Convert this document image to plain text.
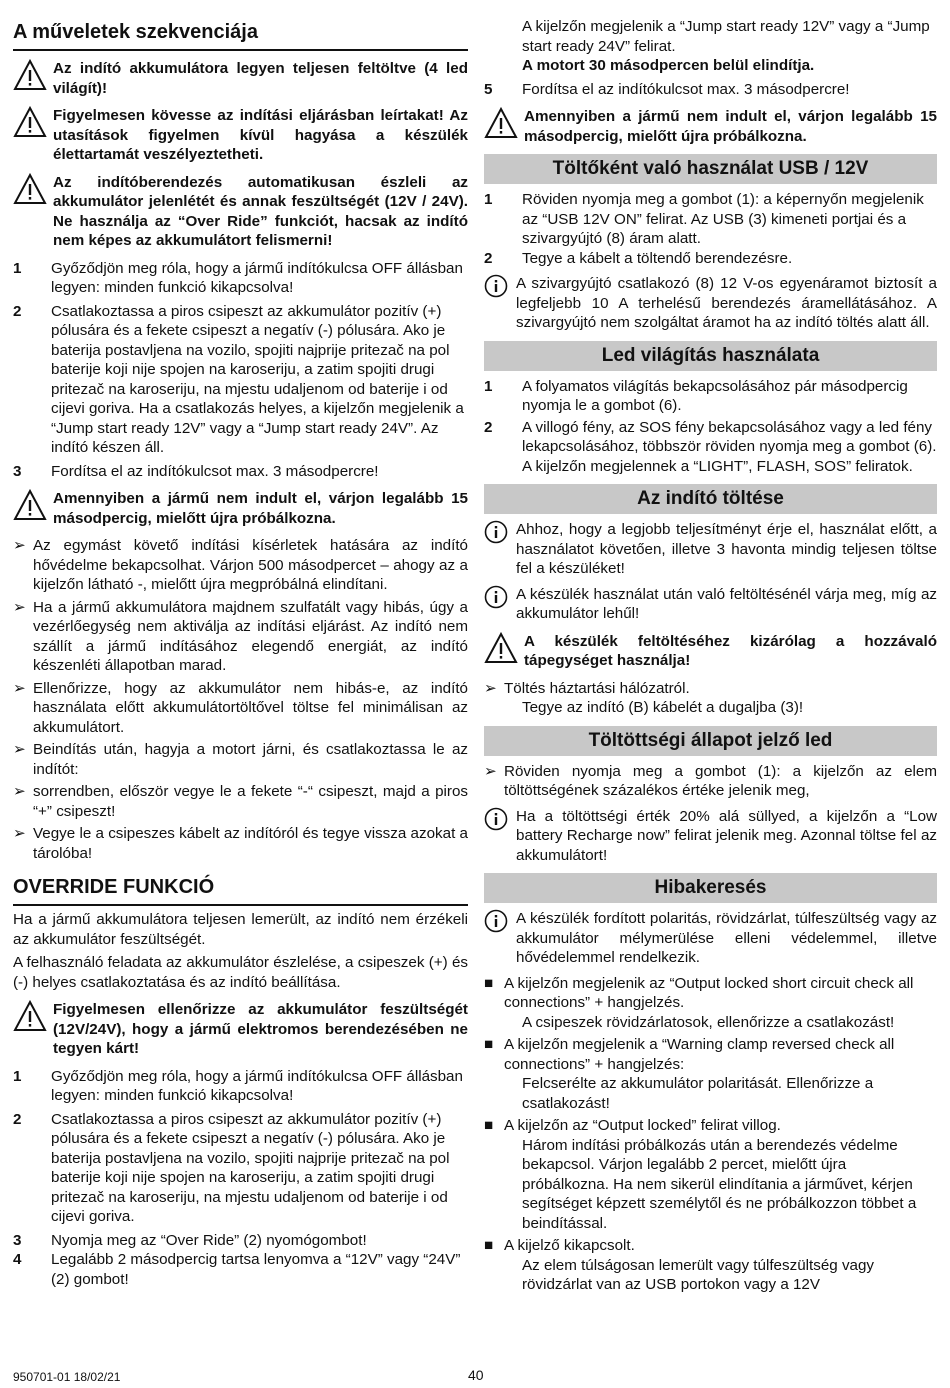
A műveletek szekvenciája
Az indító akkumulátora legyen teljesen feltöltve (4 led világít)!
Figyelmesen kövesse az indítási eljárásban leírtakat! Az utasítások figyelmen kívül hagyása a készülék élettartamát veszélyeztetheti.
Az indítóberendezés automatikusan észleli az akkumulátor jelenlétét és annak feszültségét (12V / 24V). Ne használja az “Over Ride” funkciót, hacsak az indító nem képes az akkumulátort felismerni!
1	Győződjön meg róla, hogy a jármű indítókulcsa OFF állásban legyen: minden funkció kikapcsolva!
2	Csatlakoztassa a piros csipeszt az akkumulátor pozitív (+) pólusára és a fekete csipeszt a negatív (-) pólusára. Ako je baterija postavljena na vozilo, spojiti najprije pritezač na pol baterije koji nije spojen na karoseriju, a zatim spojiti drugi pritezač na karoseriju, na mjestu udaljenom od baterije i od cijevi goriva. Ha a csatlakozás helyes, a kijelzőn megjelenik a “Jump start ready 12V” vagy a “Jump start ready 24V”. Az indító készen áll.
3	Fordítsa el az indítókulcsot max. 3 másodpercre!
Amennyiben a jármű nem indult el, várjon legalább 15 másodpercig, mielőtt újra próbálkozna.
➢ Az egymást követő indítási kísérletek hatására az indító hővédelme bekapcsolhat. Várjon 500 másodpercet – ahogy az a kijelzőn látható -, mielőtt újra megpróbálná elindítani.
➢ Ha a jármű akkumulátora majdnem szulfatált vagy hibás, úgy a vezérlőegység nem aktiválja az indítási eljárást. Az indító nem szállít a jármű indításához elegendő energiát, az indító készenléti állapotban marad.
➢ Ellenőrizze, hogy az akkumulátor nem hibás-e, az indító használata előtt akkumulátortöltővel töltse fel minimálisan az akkumulátort.
➢ Beindítás után, hagyja a motort járni, és csatlakoztassa le az indítót:
➢ sorrendben, először vegye le a fekete “-“ csipeszt, majd a piros “+” csipeszt!
➢ Vegye le a csipeszes kábelt az indítóról és tegye vissza azokat a tárolóba!
OVERRIDE FUNKCIÓ

Ha a jármű akkumulátora teljesen lemerült, az indító nem érzékeli az akkumulátor feszültségét.

A felhasználó feladata az akkumulátor észlelése, a csipeszek (+) és (-) helyes csatlakoztatása és az indító beállítása.

Figyelmesen ellenőrizze az akkumulátor feszültségét (12V/24V), hogy a jármű elektromos berendezésében ne tegyen kárt!
1	Győződjön meg róla, hogy a jármű indítókulcsa OFF állásban legyen: minden funkció kikapcsolva!
2	Csatlakoztassa a piros csipeszt az akkumulátor pozitív (+) pólusára és a fekete csipeszt a negatív (-) pólusára. Ako je baterija postavljena na vozilo, spojiti najprije pritezač na pol baterije koji nije spojen na karoseriju, a zatim spojiti drugi pritezač na karoseriju, na mjestu udaljenom od baterije i od cijevi goriva.
3	Nyomja meg az “Over Ride” (2) nyomógombot!
4	Legalább 2 másodpercig tartsa lenyomva a “12V” vagy “24V” (2) gombot!
A kijelzőn megjelenik a “Jump start ready 12V” vagy a “Jump start ready 24V” felirat.
A motort 30 másodpercen belül elindítja.
5	Fordítsa el az indítókulcsot max. 3 másodpercre!
Amennyiben a jármű nem indult el, várjon legalább 15 másodpercig, mielőtt újra próbálkozna.
Töltőként való használat USB / 12V
1	Röviden nyomja meg a gombot (1): a képernyőn megjelenik az “USB 12V ON” felirat. Az USB (3) kimeneti portjai és a szivargyújtó (8) áram alatt.
2	Tegye a kábelt a töltendő berendezésre.
A szivargyújtó csatlakozó (8) 12 V-os egyenáramot biztosít a legfeljebb 10 A terhelésű berendezés áramellátásához. A szivargyújtó nem szolgáltat áramot ha az indító töltés alatt áll.
Led világítás használata
1	A folyamatos világítás bekapcsolásához pár másodpercig nyomja le a gombot (6).
2	A villogó fény, az SOS fény bekapcsolásához vagy a led fény lekapcsolásához, többször röviden nyomja meg a gombot (6). A kijelzőn megjelennek a “LIGHT”, FLASH, SOS” feliratok.
Az indító töltése
Ahhoz, hogy a legjobb teljesítményt érje el, használat előtt, a használatot követően, illetve 3 havonta mindig teljesen töltse fel a készüléket!
A készülék használat után való feltöltésénél várja meg, míg az akkumulátor lehűl!
A készülék feltöltéséhez kizárólag a hozzávaló tápegységet használja!
➢ Töltés háztartási hálózatról.
Tegye az indító (B) kábelét a dugaljba (3)!
Töltöttségi állapot jelző led
➢ Röviden nyomja meg a gombot (1): a kijelzőn az elem töltöttségének százalékos értéke jelenik meg,
Ha a töltöttségi érték 20% alá süllyed, a kijelzőn a “Low battery Recharge now” felirat jelenik meg. Azonnal töltse fel az akkumulátort!
Hibakeresés
A készülék fordított polaritás, rövidzárlat, túlfeszültség vagy az akkumulátor mélymerülése elleni védelemmel, illetve hővédelemmel rendelkezik.
■ A kijelzőn megjelenik az “Output locked short circuit check all connections” + hangjelzés.
A csipeszek rövidzárlatosok, ellenőrizze a csatlakozást!
■ A kijelzőn megjelenik a “Warning clamp reversed check all connections” + hangjelzés:
Felcserélte az akkumulátor polaritását. Ellenőrizze a csatlakozást!
■ A kijelzőn az “Output locked” felirat villog.
Három indítási próbálkozás után a berendezés védelme bekapcsol. Várjon legalább 2 percet, mielőtt újra próbálkozna. Ha nem sikerül elindítania a járművet, kérjen segítséget képzett személytől és ne próbálkozzon többet a beindítással.
■ A kijelző kikapcsolt.
Az elem túlságosan lemerült vagy túlfeszültség vagy rövidzárlat van az USB portokon vagy a 12V
950701-01 18/02/21	40
